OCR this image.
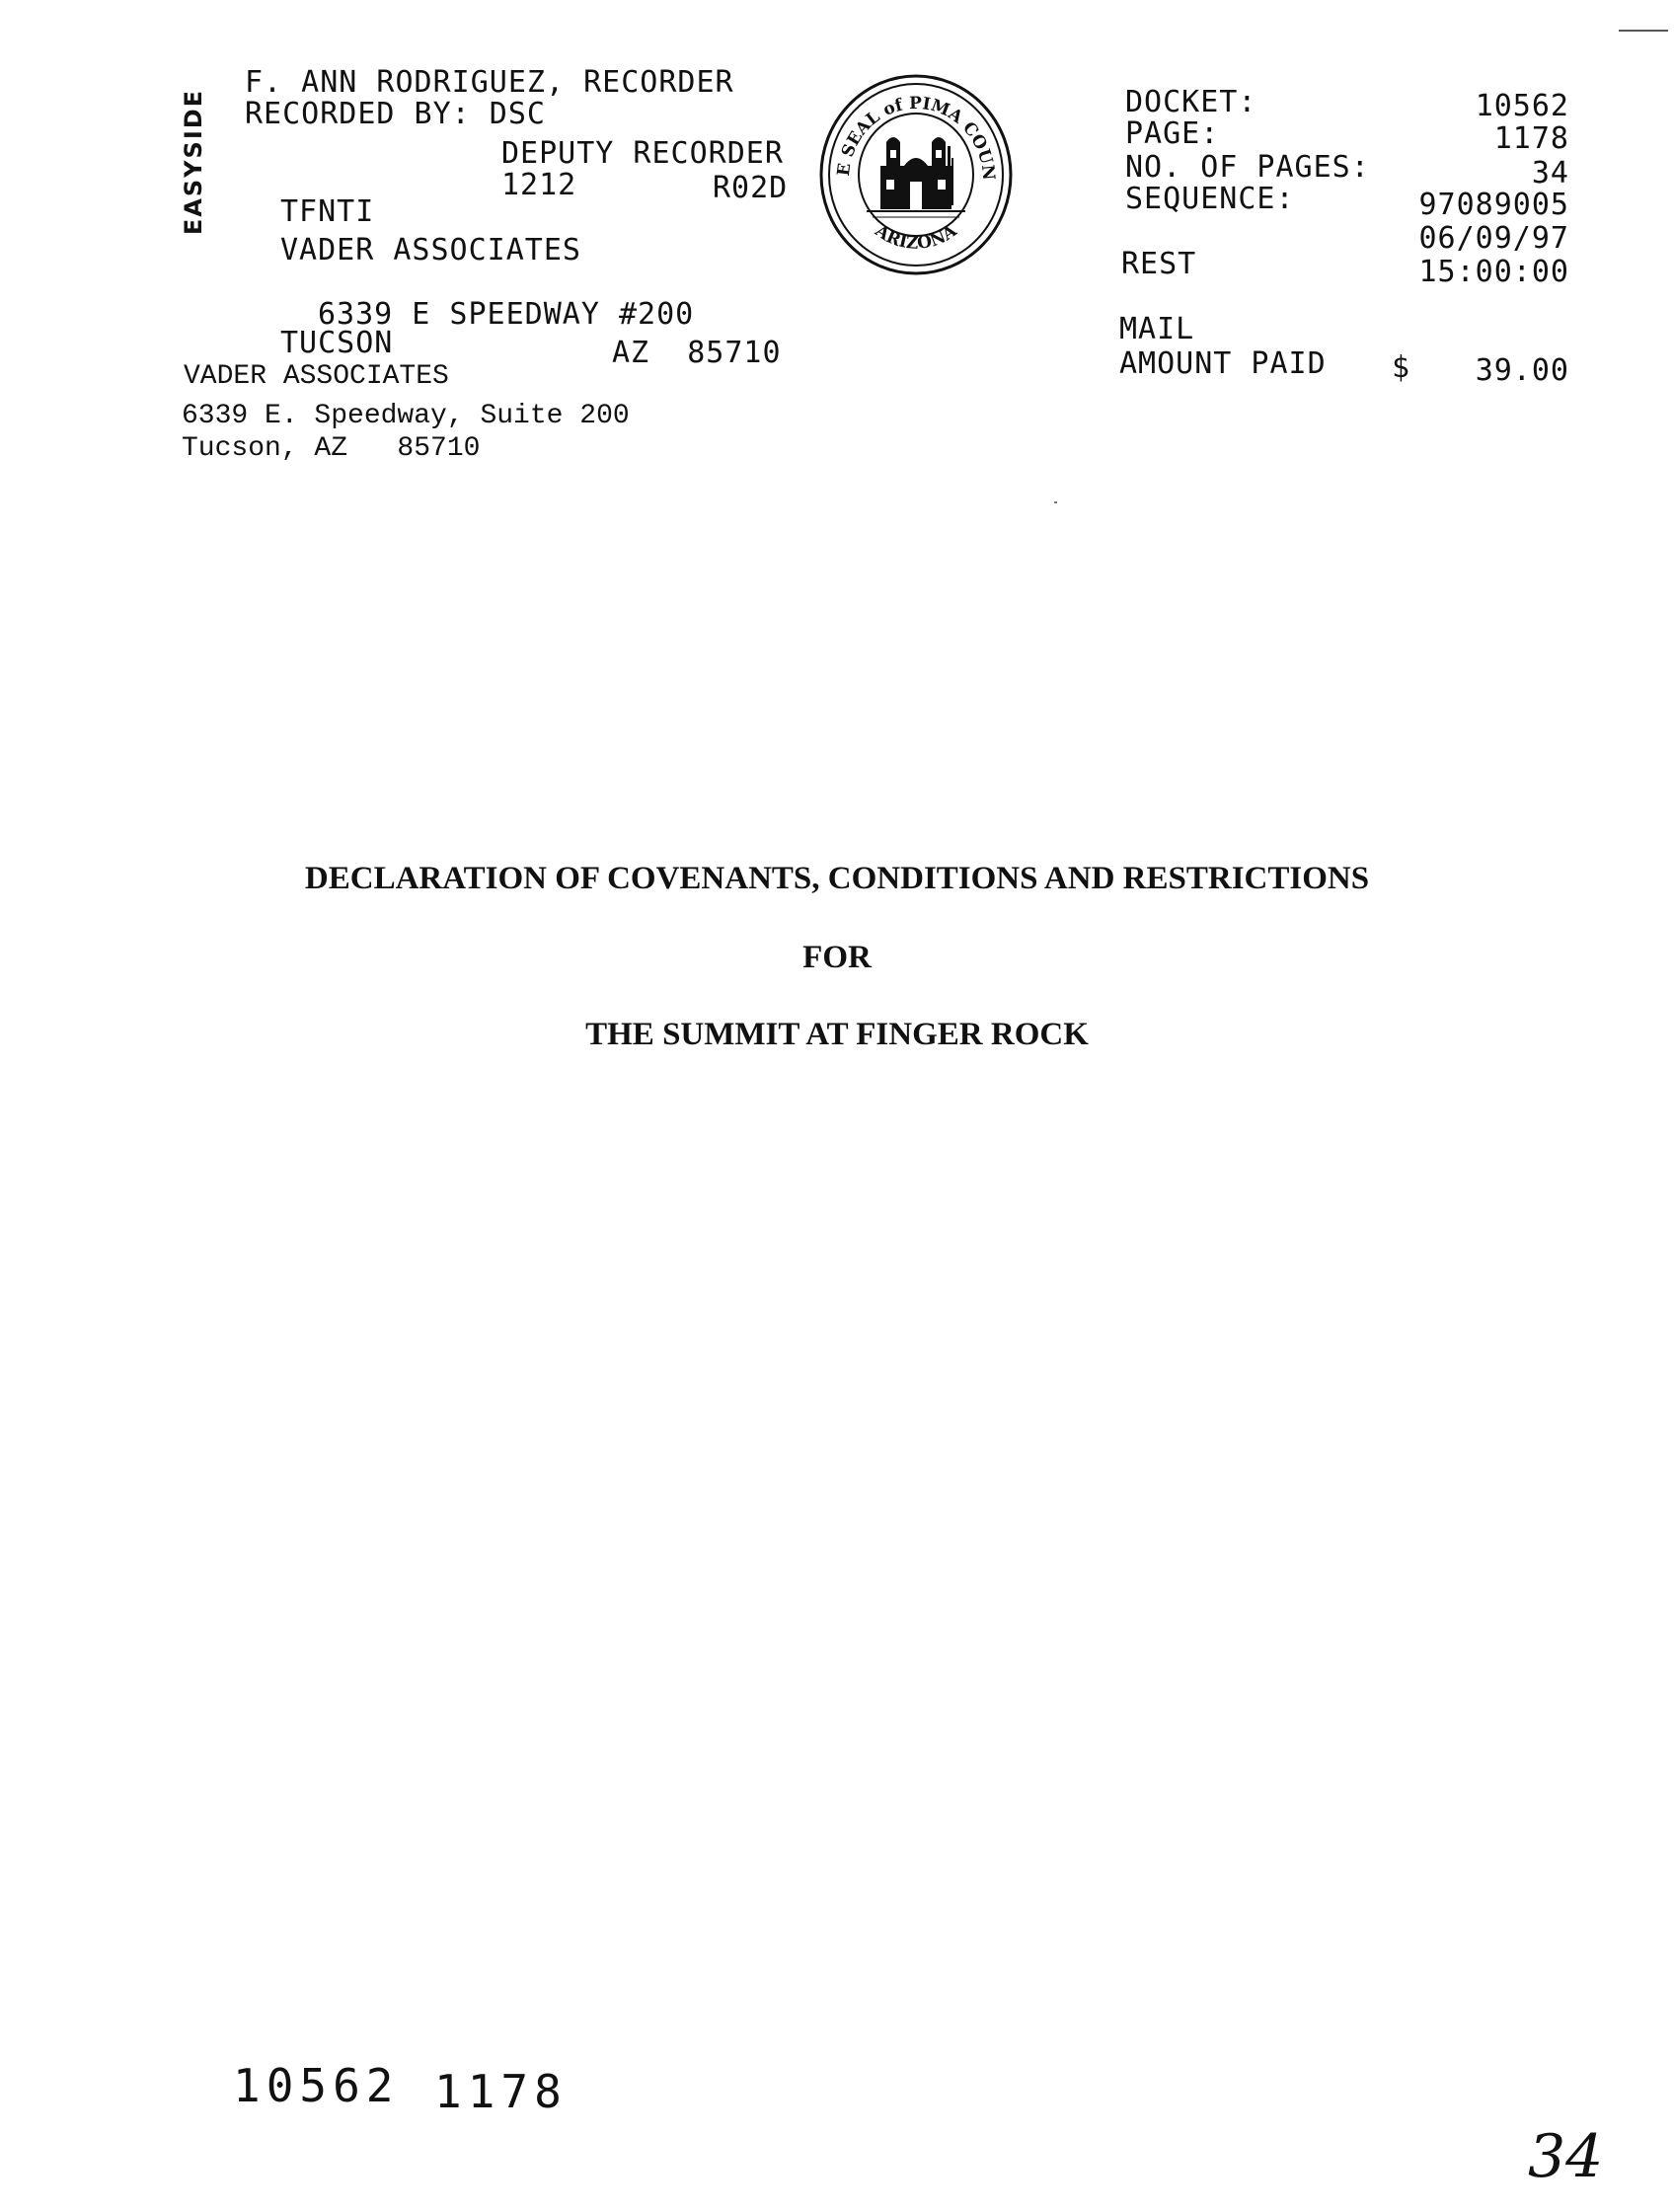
EASYSIDE
F. ANN RODRIGUEZ, RECORDER
RECORDED BY: DSC
DEPUTY RECORDER
1212	R02D
TFNTI
VADER ASSOCIATES
6339 E SPEEDWAY #200
TUCSON	AZ  85710
E SEAL of PIMA COUN
ARIZONA
DOCKET:	10562
PAGE:	1178
NO. OF PAGES:	34
SEQUENCE:	97089005
06/09/97
REST	15:00:00
MAIL
AMOUNT PAID $	39.00
VADER ASSOCIATES
6339 E. Speedway, Suite 200
Tucson, AZ   85710
DECLARATION OF COVENANTS, CONDITIONS AND RESTRICTIONS
FOR
THE SUMMIT AT FINGER ROCK
10562 1178
34
